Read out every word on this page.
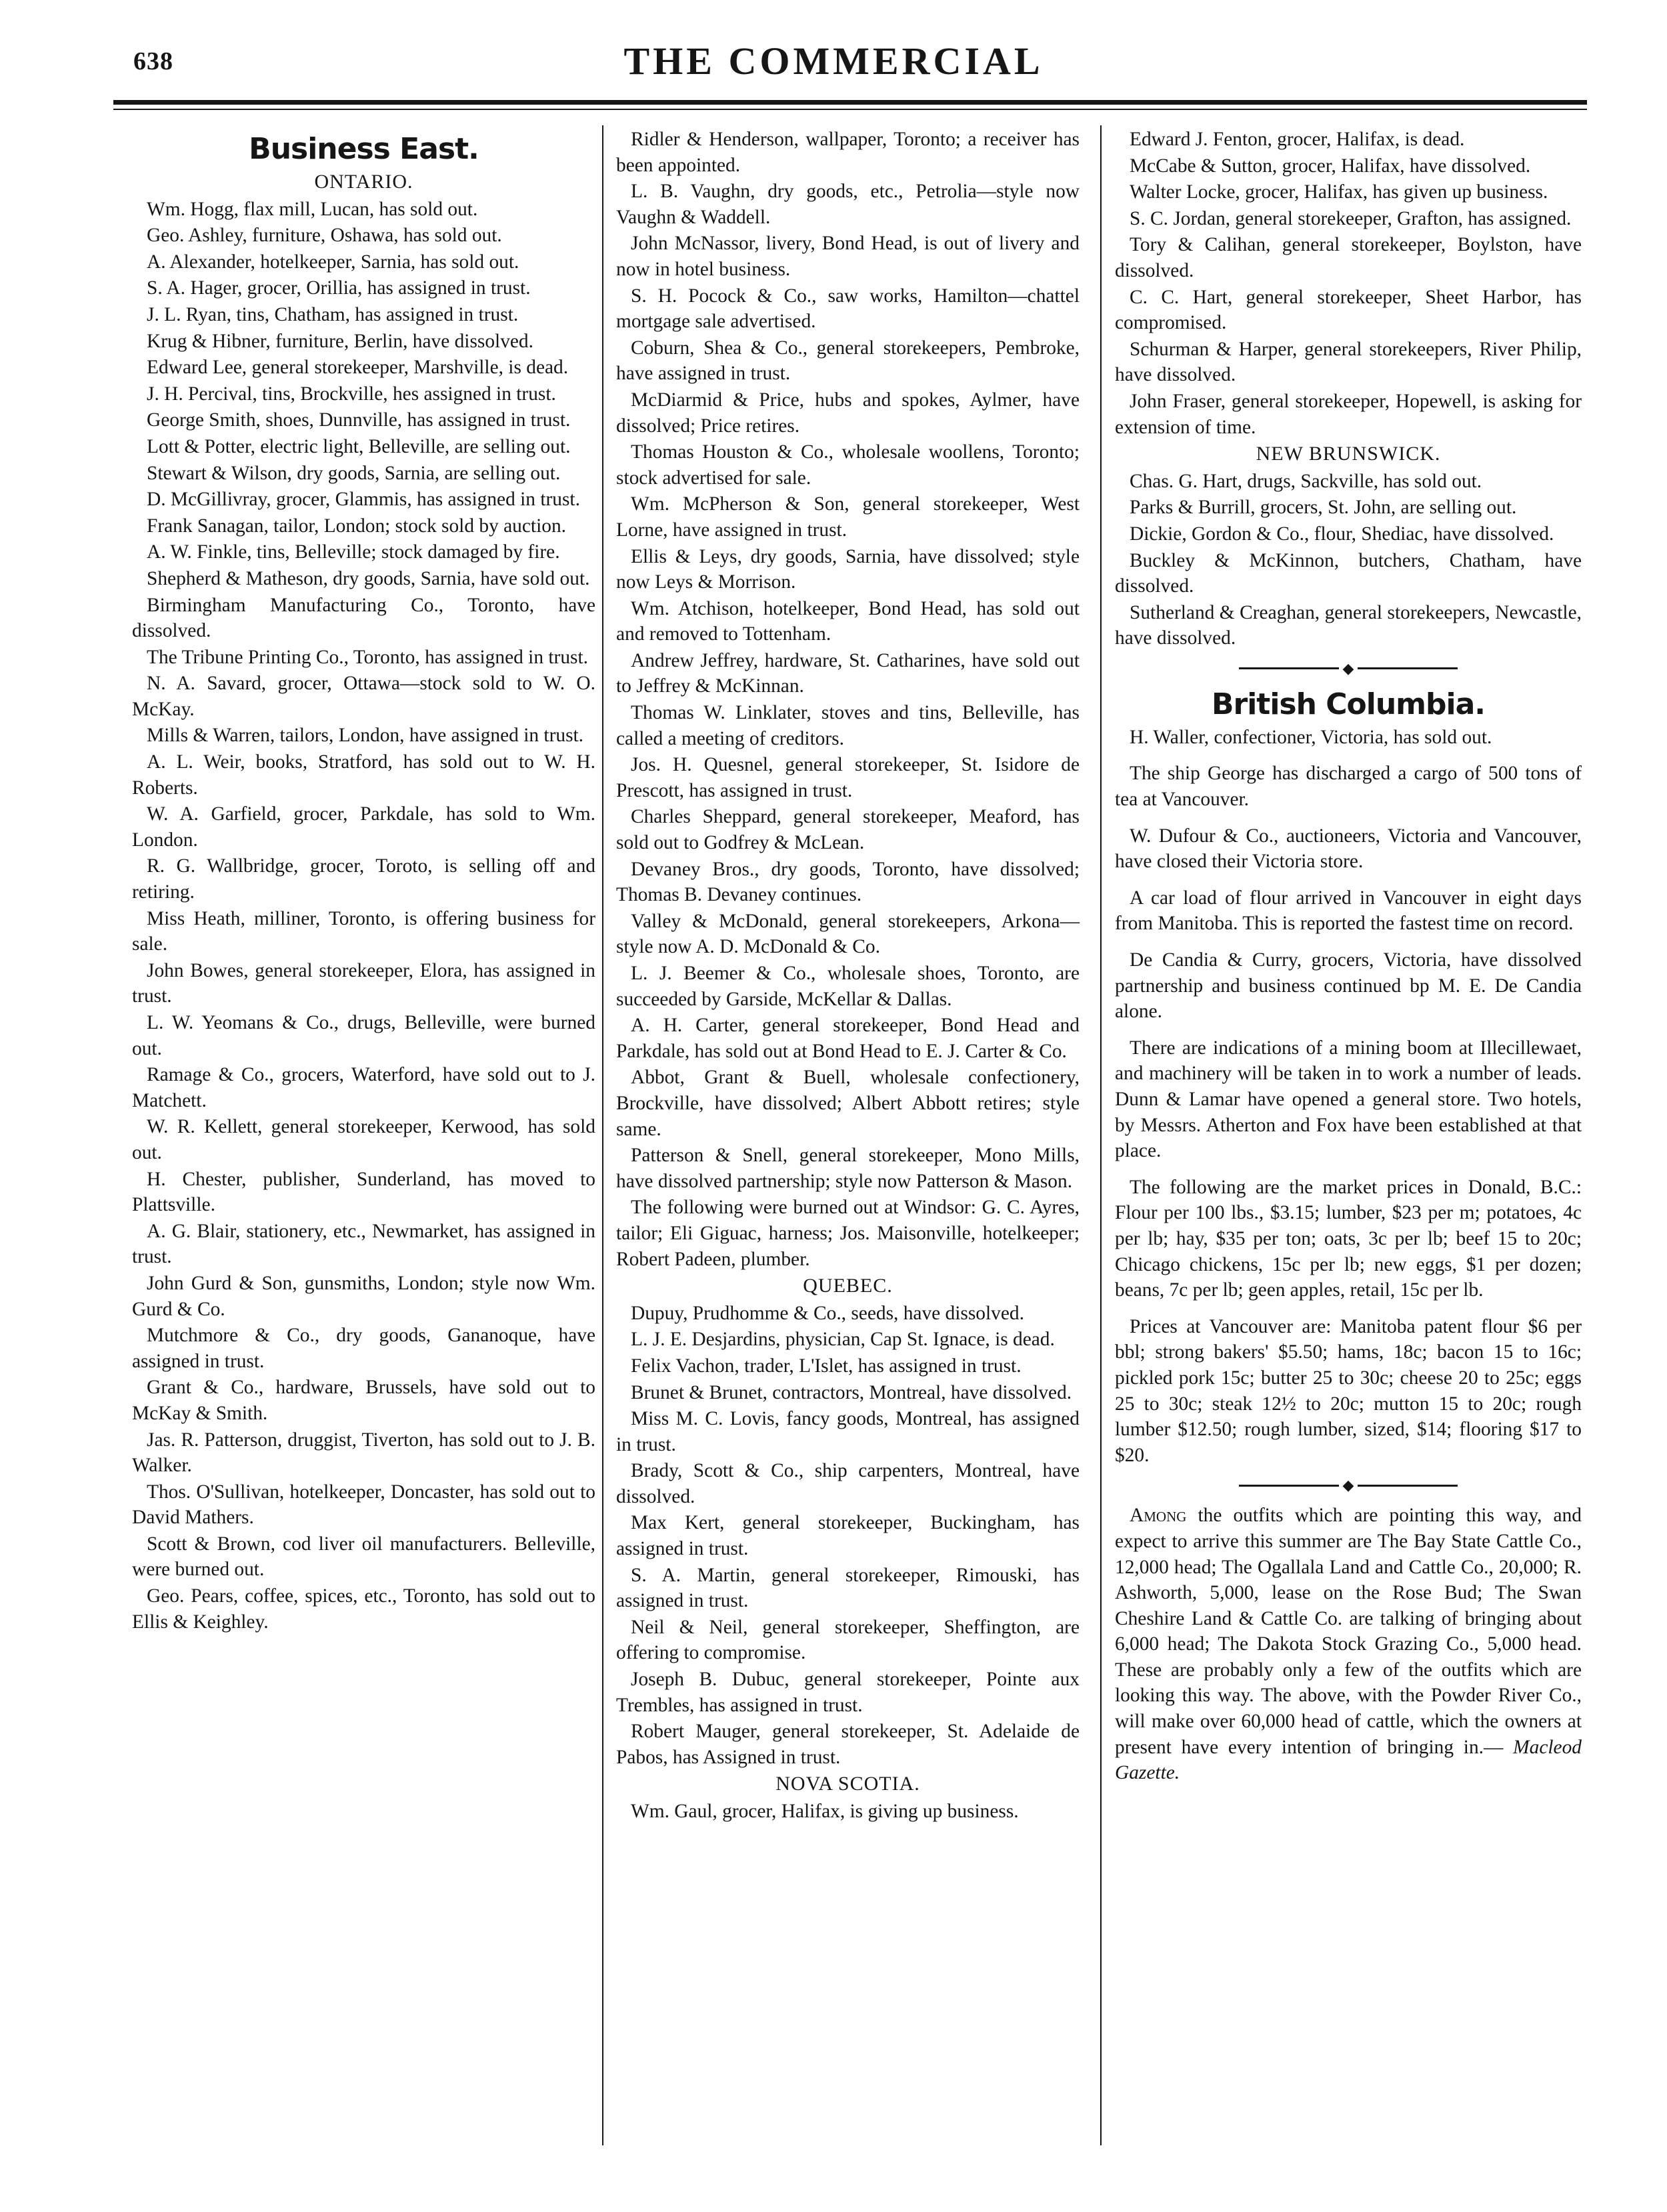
638	THE COMMERCIAL
Business East.
ONTARIO.

Wm. Hogg, flax mill, Lucan, has sold out.

Geo. Ashley, furniture, Oshawa, has sold out.

A. Alexander, hotelkeeper, Sarnia, has sold out.

S. A. Hager, grocer, Orillia, has assigned in trust.

J. L. Ryan, tins, Chatham, has assigned in trust.

Krug & Hibner, furniture, Berlin, have dissolved.

Edward Lee, general storekeeper, Marshville, is dead.

J. H. Percival, tins, Brockville, hes assigned in trust.

George Smith, shoes, Dunnville, has assigned in trust.

Lott & Potter, electric light, Belleville, are selling out.

Stewart & Wilson, dry goods, Sarnia, are selling out.

D. McGillivray, grocer, Glammis, has assigned in trust.

Frank Sanagan, tailor, London; stock sold by auction.

A. W. Finkle, tins, Belleville; stock damaged by fire.

Shepherd & Matheson, dry goods, Sarnia, have sold out.

Birmingham Manufacturing Co., Toronto, have dissolved.

The Tribune Printing Co., Toronto, has assigned in trust.

N. A. Savard, grocer, Ottawa—stock sold to W. O. McKay.

Mills & Warren, tailors, London, have assigned in trust.

A. L. Weir, books, Stratford, has sold out to W. H. Roberts.

W. A. Garfield, grocer, Parkdale, has sold to Wm. London.

R. G. Wallbridge, grocer, Toroto, is selling off and retiring.

Miss Heath, milliner, Toronto, is offering business for sale.

John Bowes, general storekeeper, Elora, has assigned in trust.

L. W. Yeomans & Co., drugs, Belleville, were burned out.

Ramage & Co., grocers, Waterford, have sold out to J. Matchett.

W. R. Kellett, general storekeeper, Kerwood, has sold out.

H. Chester, publisher, Sunderland, has moved to Plattsville.

A. G. Blair, stationery, etc., Newmarket, has assigned in trust.

John Gurd & Son, gunsmiths, London; style now Wm. Gurd & Co.

Mutchmore & Co., dry goods, Gananoque, have assigned in trust.

Grant & Co., hardware, Brussels, have sold out to McKay & Smith.

Jas. R. Patterson, druggist, Tiverton, has sold out to J. B. Walker.

Thos. O'Sullivan, hotelkeeper, Doncaster, has sold out to David Mathers.

Scott & Brown, cod liver oil manufacturers. Belleville, were burned out.

Geo. Pears, coffee, spices, etc., Toronto, has sold out to Ellis & Keighley.

Ridler & Henderson, wallpaper, Toronto; a receiver has been appointed.

L. B. Vaughn, dry goods, etc., Petrolia—style now Vaughn & Waddell.

John McNassor, livery, Bond Head, is out of livery and now in hotel business.

S. H. Pocock & Co., saw works, Hamilton—chattel mortgage sale advertised.

Coburn, Shea & Co., general storekeepers, Pembroke, have assigned in trust.

McDiarmid & Price, hubs and spokes, Aylmer, have dissolved; Price retires.

Thomas Houston & Co., wholesale woollens, Toronto; stock advertised for sale.

Wm. McPherson & Son, general storekeeper, West Lorne, have assigned in trust.

Ellis & Leys, dry goods, Sarnia, have dissolved; style now Leys & Morrison.

Wm. Atchison, hotelkeeper, Bond Head, has sold out and removed to Tottenham.

Andrew Jeffrey, hardware, St. Catharines, have sold out to Jeffrey & McKinnan.

Thomas W. Linklater, stoves and tins, Belleville, has called a meeting of creditors.

Jos. H. Quesnel, general storekeeper, St. Isidore de Prescott, has assigned in trust.

Charles Sheppard, general storekeeper, Meaford, has sold out to Godfrey & McLean.

Devaney Bros., dry goods, Toronto, have dissolved; Thomas B. Devaney continues.

Valley & McDonald, general storekeepers, Arkona—style now A. D. McDonald & Co.

L. J. Beemer & Co., wholesale shoes, Toronto, are succeeded by Garside, McKellar & Dallas.

A. H. Carter, general storekeeper, Bond Head and Parkdale, has sold out at Bond Head to E. J. Carter & Co.

Abbot, Grant & Buell, wholesale confectionery, Brockville, have dissolved; Albert Abbott retires; style same.

Patterson & Snell, general storekeeper, Mono Mills, have dissolved partnership; style now Patterson & Mason.

The following were burned out at Windsor: G. C. Ayres, tailor; Eli Giguac, harness; Jos. Maisonville, hotelkeeper; Robert Padeen, plumber.

QUEBEC.

Dupuy, Prudhomme & Co., seeds, have dissolved.

L. J. E. Desjardins, physician, Cap St. Ignace, is dead.

Felix Vachon, trader, L'Islet, has assigned in trust.

Brunet & Brunet, contractors, Montreal, have dissolved.

Miss M. C. Lovis, fancy goods, Montreal, has assigned in trust.

Brady, Scott & Co., ship carpenters, Montreal, have dissolved.

Max Kert, general storekeeper, Buckingham, has assigned in trust.

S. A. Martin, general storekeeper, Rimouski, has assigned in trust.

Neil & Neil, general storekeeper, Sheffington, are offering to compromise.

Joseph B. Dubuc, general storekeeper, Pointe aux Trembles, has assigned in trust.

Robert Mauger, general storekeeper, St. Adelaide de Pabos, has Assigned in trust.

NOVA SCOTIA.

Wm. Gaul, grocer, Halifax, is giving up business.

Edward J. Fenton, grocer, Halifax, is dead.

McCabe & Sutton, grocer, Halifax, have dissolved.

Walter Locke, grocer, Halifax, has given up business.

S. C. Jordan, general storekeeper, Grafton, has assigned.

Tory & Calihan, general storekeeper, Boylston, have dissolved.

C. C. Hart, general storekeeper, Sheet Harbor, has compromised.

Schurman & Harper, general storekeepers, River Philip, have dissolved.

John Fraser, general storekeeper, Hopewell, is asking for extension of time.

NEW BRUNSWICK.

Chas. G. Hart, drugs, Sackville, has sold out.

Parks & Burrill, grocers, St. John, are selling out.

Dickie, Gordon & Co., flour, Shediac, have dissolved.

Buckley & McKinnon, butchers, Chatham, have dissolved.

Sutherland & Creaghan, general storekeepers, Newcastle, have dissolved.

◆
British Columbia.

H. Waller, confectioner, Victoria, has sold out.

The ship George has discharged a cargo of 500 tons of tea at Vancouver.

W. Dufour & Co., auctioneers, Victoria and Vancouver, have closed their Victoria store.

A car load of flour arrived in Vancouver in eight days from Manitoba. This is reported the fastest time on record.

De Candia & Curry, grocers, Victoria, have dissolved partnership and business continued bp M. E. De Candia alone.

There are indications of a mining boom at Illecillewaet, and machinery will be taken in to work a number of leads. Dunn & Lamar have opened a general store. Two hotels, by Messrs. Atherton and Fox have been established at that place.

The following are the market prices in Donald, B.C.: Flour per 100 lbs., $3.15; lumber, $23 per m; potatoes, 4c per lb; hay, $35 per ton; oats, 3c per lb; beef 15 to 20c; Chicago chickens, 15c per lb; new eggs, $1 per dozen; beans, 7c per lb; geen apples, retail, 15c per lb.

Prices at Vancouver are: Manitoba patent flour $6 per bbl; strong bakers' $5.50; hams, 18c; bacon 15 to 16c; pickled pork 15c; butter 25 to 30c; cheese 20 to 25c; eggs 25 to 30c; steak 12½ to 20c; mutton 15 to 20c; rough lumber $12.50; rough lumber, sized, $14; flooring $17 to $20.

◆

Among the outfits which are pointing this way, and expect to arrive this summer are The Bay State Cattle Co., 12,000 head; The Ogallala Land and Cattle Co., 20,000; R. Ashworth, 5,000, lease on the Rose Bud; The Swan Cheshire Land & Cattle Co. are talking of bringing about 6,000 head; The Dakota Stock Grazing Co., 5,000 head. These are probably only a few of the outfits which are looking this way. The above, with the Powder River Co., will make over 60,000 head of cattle, which the owners at present have every intention of bringing in.— Macleod Gazette.
